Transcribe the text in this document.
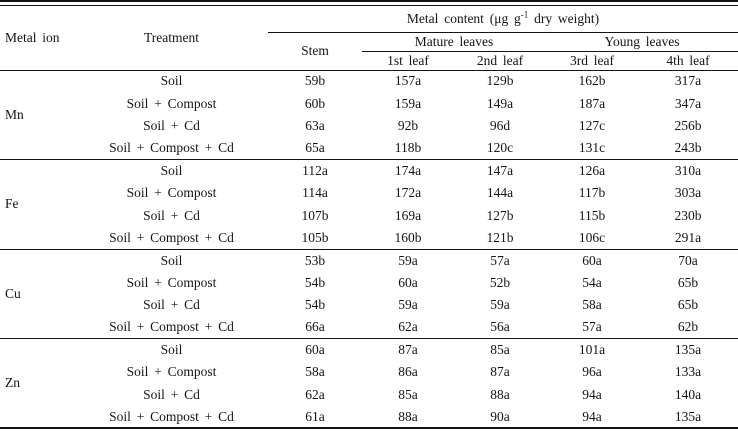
Metal ion	Treatment	Metal content (μg $g^{-1}$ dry weight)				
		Stem	Mature leaves		Young leaves	
			1st leaf	2nd leaf	3rd leaf	4th leaf
Mn	Soil	59b	157a	129b	162b	317a
	Soil + Compost	60b	159a	149a	187a	347a
	Soil + Cd	63a	92b	96d	127c	256b
	Soil + Compost + Cd	65a	118b	120c	131c	243b
Fe	Soil	112a	174a	147a	126a	310a
	Soil + Compost	114a	172a	144a	117b	303a
	Soil + Cd	107b	169a	127b	115b	230b
	Soil + Compost + Cd	105b	160b	121b	106c	291a
Cu	Soil	53b	59a	57a	60a	70a
	Soil + Compost	54b	60a	52b	54a	65b
	Soil + Cd	54b	59a	59a	58a	65b
	Soil + Compost + Cd	66a	62a	56a	57a	62b
Zn	Soil	60a	87a	85a	101a	135a
	Soil + Compost	58a	86a	87a	96a	133a
	Soil + Cd	62a	85a	88a	94a	140a
	Soil + Compost + Cd	61a	88a	90a	94a	135a
